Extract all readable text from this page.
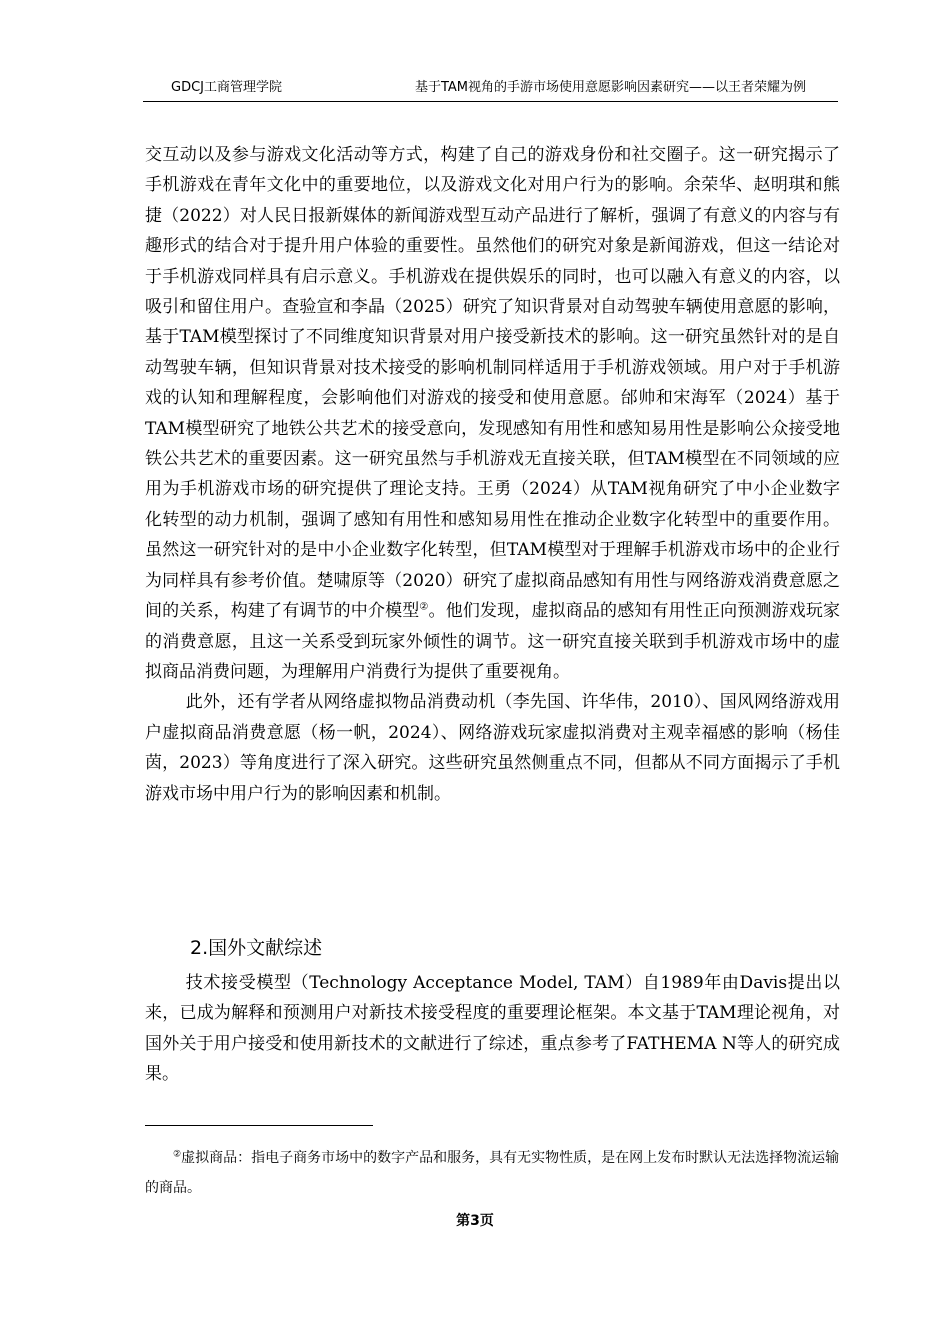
GDCJ工商管理学院	基于TAM视角的手游市场使用意愿影响因素研究——以王者荣耀为例

交互动以及参与游戏文化活动等方式，构建了自己的游戏身份和社交圈子。这一研究揭示了手机游戏在青年文化中的重要地位，以及游戏文化对用户行为的影响。余荣华、赵明琪和熊捷（2022）对人民日报新媒体的新闻游戏型互动产品进行了解析，强调了有意义的内容与有趣形式的结合对于提升用户体验的重要性。虽然他们的研究对象是新闻游戏，但这一结论对于手机游戏同样具有启示意义。手机游戏在提供娱乐的同时，也可以融入有意义的内容，以吸引和留住用户。查验宣和李晶（2025）研究了知识背景对自动驾驶车辆使用意愿的影响，基于TAM模型探讨了不同维度知识背景对用户接受新技术的影响。这一研究虽然针对的是自动驾驶车辆，但知识背景对技术接受的影响机制同样适用于手机游戏领域。用户对于手机游戏的认知和理解程度，会影响他们对游戏的接受和使用意愿。邰帅和宋海军（2024）基于TAM模型研究了地铁公共艺术的接受意向，发现感知有用性和感知易用性是影响公众接受地铁公共艺术的重要因素。这一研究虽然与手机游戏无直接关联，但TAM模型在不同领域的应用为手机游戏市场的研究提供了理论支持。王勇（2024）从TAM视角研究了中小企业数字化转型的动力机制，强调了感知有用性和感知易用性在推动企业数字化转型中的重要作用。虽然这一研究针对的是中小企业数字化转型，但TAM模型对于理解手机游戏市场中的企业行为同样具有参考价值。楚啸原等（2020）研究了虚拟商品感知有用性与网络游戏消费意愿之间的关系，构建了有调节的中介模型②。他们发现，虚拟商品的感知有用性正向预测游戏玩家的消费意愿，且这一关系受到玩家外倾性的调节。这一研究直接关联到手机游戏市场中的虚拟商品消费问题，为理解用户消费行为提供了重要视角。

此外，还有学者从网络虚拟物品消费动机（李先国、许华伟，2010）、国风网络游戏用户虚拟商品消费意愿（杨一帆，2024）、网络游戏玩家虚拟消费对主观幸福感的影响（杨佳茵，2023）等角度进行了深入研究。这些研究虽然侧重点不同，但都从不同方面揭示了手机游戏市场中用户行为的影响因素和机制。

2.国外文献综述

技术接受模型（Technology Acceptance Model, TAM）自1989年由Davis提出以来，已成为解释和预测用户对新技术接受程度的重要理论框架。本文基于TAM理论视角，对国外关于用户接受和使用新技术的文献进行了综述，重点参考了FATHEMA N等人的研究成果。

②虚拟商品：指电子商务市场中的数字产品和服务，具有无实物性质，是在网上发布时默认无法选择物流运输的商品。

第3页
